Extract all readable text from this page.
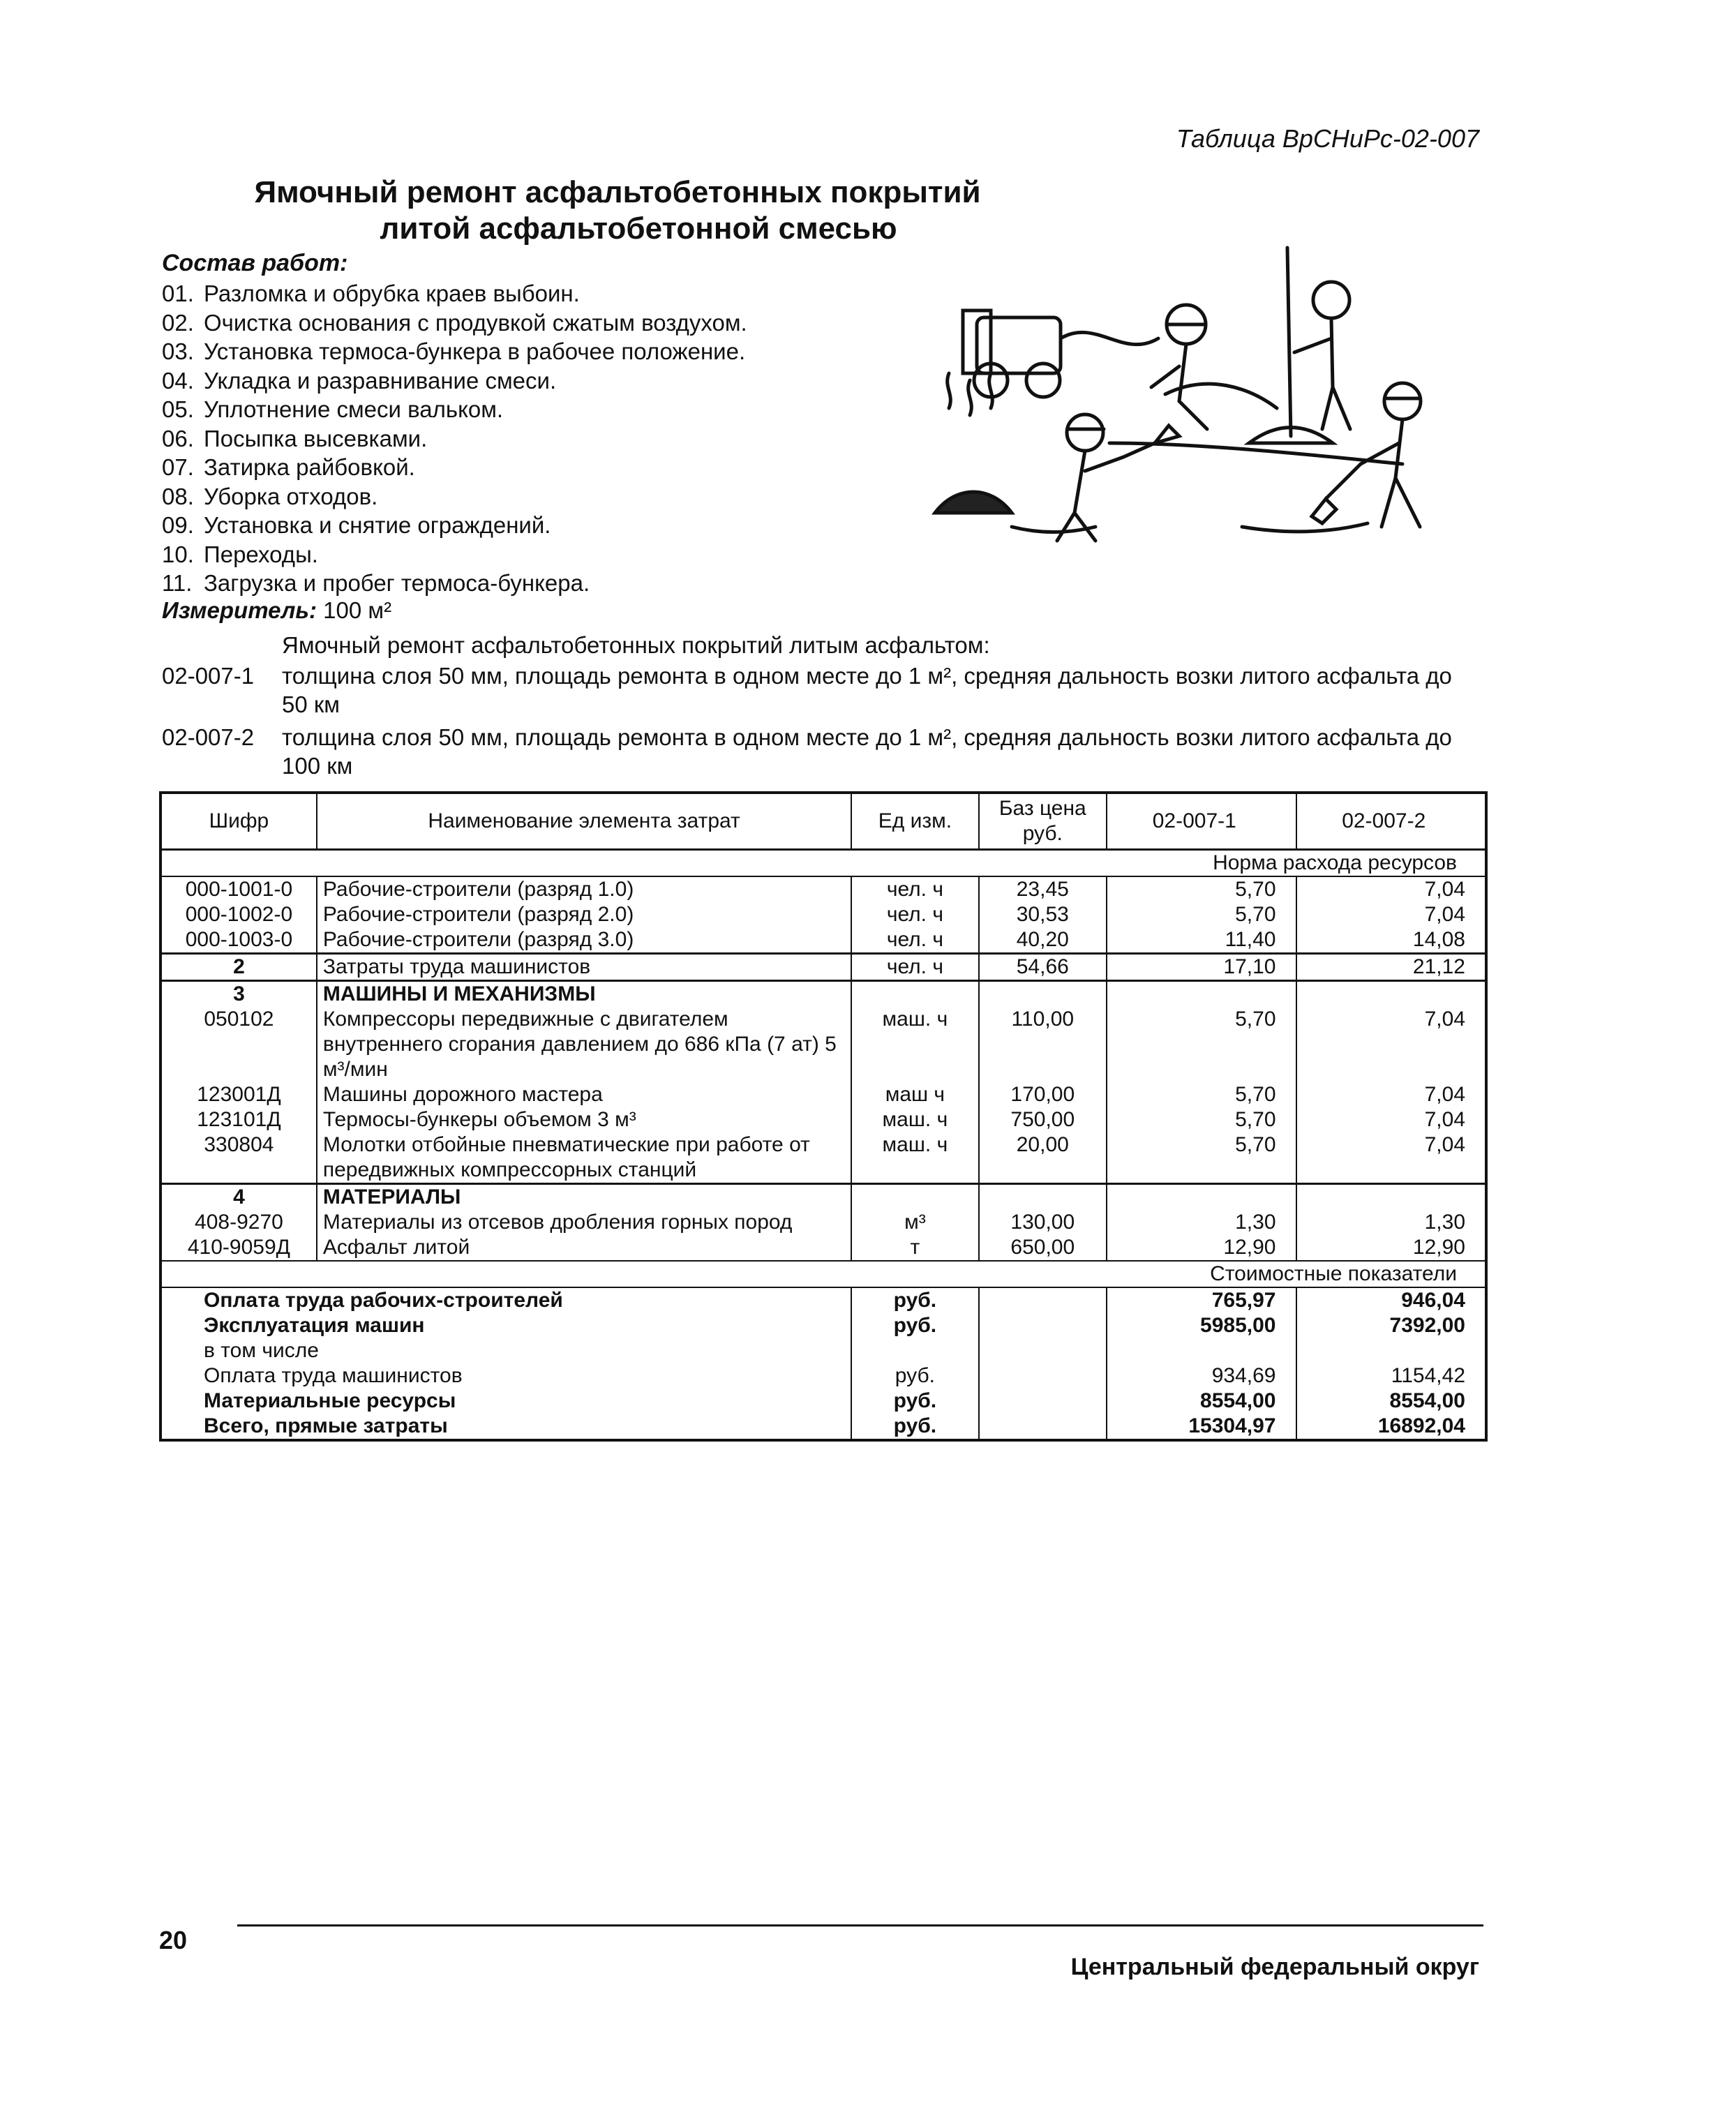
Таблица ВрСНиРс-02-007
Ямочный ремонт асфальтобетонных покрытий
литой асфальтобетонной смесью
Состав работ:
01. Разломка и обрубка краев выбоин.
02. Очистка основания с продувкой сжатым воздухом.
03. Установка термоса-бункера в рабочее положение.
04. Укладка и разравнивание смеси.
05. Уплотнение смеси вальком.
06. Посыпка высевками.
07. Затирка райбовкой.
08. Уборка отходов.
09. Установка и снятие ограждений.
10. Переходы.
11. Загрузка и пробег термоса-бункера.
Измеритель: 100 м²
Ямочный ремонт асфальтобетонных покрытий литым асфальтом:
02-007-1 толщина слоя 50 мм, площадь ремонта в одном месте до 1 м², средняя дальность возки литого асфальта до 50 км
02-007-2 толщина слоя 50 мм, площадь ремонта в одном месте до 1 м², средняя дальность возки литого асфальта до 100 км
Шифр	Наименование элемента затрат	Ед изм.	Баз цена руб.	02-007-1	02-007-2
Норма расхода ресурсов					
000-1001-0	Рабочие-строители (разряд 1.0)	чел. ч	23,45	5,70	7,04
000-1002-0	Рабочие-строители (разряд 2.0)	чел. ч	30,53	5,70	7,04
000-1003-0	Рабочие-строители (разряд 3.0)	чел. ч	40,20	11,40	14,08
2	Затраты труда машинистов	чел. ч	54,66	17,10	21,12
3	МАШИНЫ И МЕХАНИЗМЫ				
050102	Компрессоры передвижные с двигателем внутреннего сгорания давлением до 686 кПа (7 ат) 5 м³/мин	маш. ч	110,00	5,70	7,04
123001Д	Машины дорожного мастера	маш ч	170,00	5,70	7,04
123101Д	Термосы-бункеры объемом 3 м³	маш. ч	750,00	5,70	7,04
330804	Молотки отбойные пневматические при работе от передвижных компрессорных станций	маш. ч	20,00	5,70	7,04
4	МАТЕРИАЛЫ				
408-9270	Материалы из отсевов дробления горных пород	м³	130,00	1,30	1,30
410-9059Д	Асфальт литой	т	650,00	12,90	12,90
Стоимостные показатели					
Оплата труда рабочих-строителей		руб.		765,97	946,04
Эксплуатация машин		руб.		5985,00	7392,00
в том числе					
Оплата труда машинистов		руб.		934,69	1154,42
Материальные ресурсы		руб.		8554,00	8554,00
Всего, прямые затраты		руб.		15304,97	16892,04
20
Центральный федеральный округ
